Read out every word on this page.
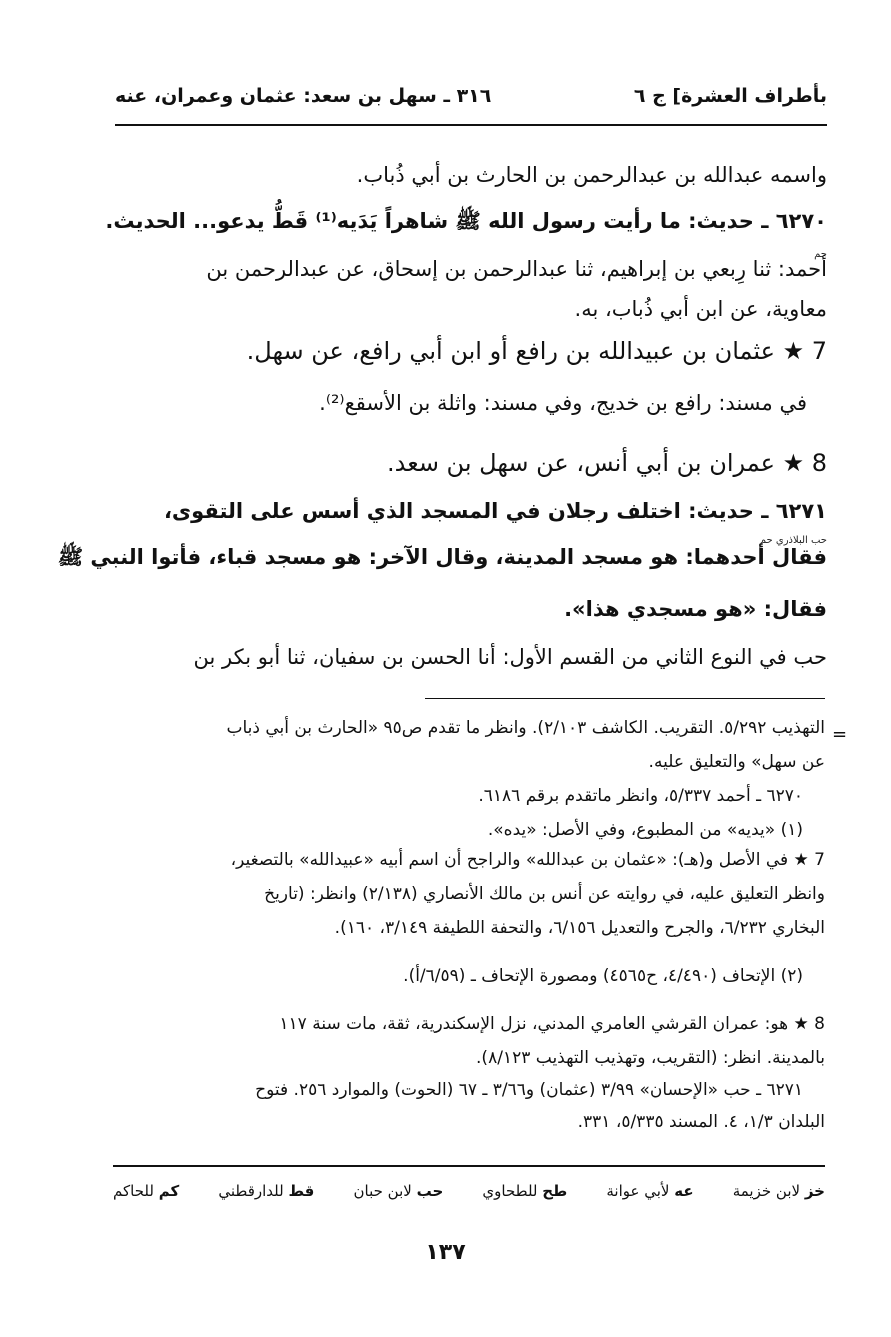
بأطراف العشرة] ج ٦
٣١٦ ـ سهل بن سعد: عثمان وعمران، عنه
واسمه عبدالله بن عبدالرحمن بن الحارث بن أبي ذُباب.
٦٢٧٠ ـ حديث: ما رأيت رسول الله ﷺ شاهراً يَدَيه⁽¹⁾ قَطُّ يدعو... الحديث.
حم
أحمد: ثنا رِبعي بن إبراهيم، ثنا عبدالرحمن بن إسحاق، عن عبدالرحمن بن
معاوية، عن ابن أبي ذُباب، به.
7 ★ عثمان بن عبيدالله بن رافع أو ابن أبي رافع، عن سهل.
في مسند: رافع بن خديج، وفي مسند: واثلة بن الأسقع⁽²⁾.
8 ★ عمران بن أبي أنس، عن سهل بن سعد.
٦٢٧١ ـ حديث: اختلف رجلان في المسجد الذي أسس على التقوى،
حب البلاذري حم
فقال أحدهما: هو مسجد المدينة، وقال الآخر: هو مسجد قباء، فأتوا النبي ﷺ
فقال: «هو مسجدي هذا».
حب في النوع الثاني من القسم الأول: أنا الحسن بن سفيان، ثنا أبو بكر بن
=
التهذيب ٥/٢٩٢. التقريب. الكاشف ٢/١٠٣). وانظر ما تقدم ص٩٥ «الحارث بن أبي ذباب
عن سهل» والتعليق عليه.
٦٢٧٠ ـ أحمد ٥/٣٣٧، وانظر ماتقدم برقم ٦١٨٦.
(١) «يديه» من المطبوع، وفي الأصل: «يده».
7 ★ في الأصل و(هـ): «عثمان بن عبدالله» والراجح أن اسم أبيه «عبيدالله» بالتصغير،
وانظر التعليق عليه، في روايته عن أنس بن مالك الأنصاري (٢/١٣٨) وانظر: (تاريخ
البخاري ٦/٢٣٢، والجرح والتعديل ٦/١٥٦، والتحفة اللطيفة ٣/١٤٩، ١٦٠).
(٢) الإتحاف (٤/٤٩٠، ح٤٥٦٥) ومصورة الإتحاف ـ (٦/٥٩/أ).
8 ★ هو: عمران القرشي العامري المدني، نزل الإسكندرية، ثقة، مات سنة ١١٧
بالمدينة. انظر: (التقريب، وتهذيب التهذيب ٨/١٢٣).
٦٢٧١ ـ حب «الإحسان» ٣/٩٩ (عثمان) و٣/٦٦ ـ ٦٧ (الحوت) والموارد ٢٥٦. فتوح
البلدان ١/٣، ٤. المسند ٥/٣٣٥، ٣٣١.
خز لابن خزيمة
عه لأبي عوانة
طح للطحاوي
حب لابن حبان
قط للدارقطني
كم للحاكم
١٣٧
